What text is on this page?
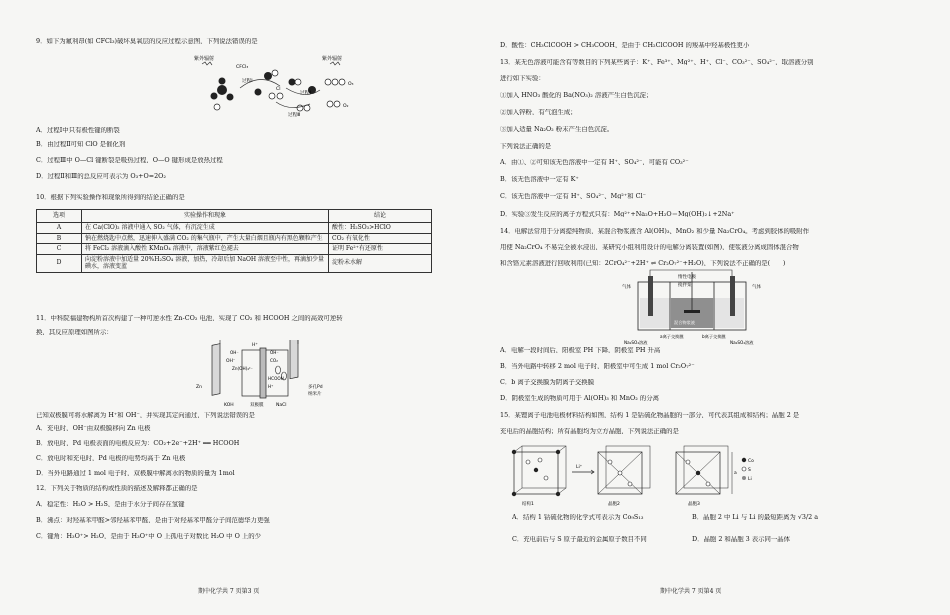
9．如下为氟利昂(如 CFCl₃)破坏臭氧层的反应过程示意图，下列说法错误的是
A．过程Ⅰ中只有极性键的断裂
B．由过程Ⅱ可知 ClO 是催化剂
C．过程Ⅲ中 O—Cl 键断裂是吸热过程，O—O 键形成是放热过程
D．过程Ⅱ和Ⅲ的总反应可表示为 O₃+O=2O₂
10．根据下列实验操作和现象所得到的结论正确的是
11．中科院福建物构所首次构建了一种可逆水性 Zn-CO₂ 电池，实现了 CO₂ 和 HCOOH 之间的高效可逆转
换，其反应原理如图所示：
已知双极膜可将水解离为 H⁺和 OH⁻，并实现其定向通过，下列说法错误的是
A．充电时，OH⁻由双极膜移向 Zn 电极
B．放电时，Pd 电极表面的电极反应为：CO₂+2e⁻+2H⁺ ══ HCOOH
C．放电时和充电时，Pd 电极的电势均高于 Zn 电极
D．当外电路通过 1 mol 电子时，双极膜中解离水的物质的量为 1mol
12．下列关于物质的结构或性质的描述及解释都正确的是
A．稳定性：H₂O > H₂S，是由于水分子间存在氢键
B．沸点：对羟基苯甲醛>邻羟基苯甲醛，是由于对羟基苯甲醛分子间范德华力更强
C．键角：H₃O⁺> H₂O，是由于 H₃O⁺中 O 上孤电子对数比 H₂O 中 O 上的少
紫外辐射	紫外辐射
CFCl₃
过程Ⅰ
过程Ⅱ
过程Ⅲ
Cl
O₃
O₂
选项	实验操作和现象	结论
A	在 Ca(ClO)₂ 溶液中通入 SO₂ 气体，有沉淀生成	酸性：H₂SO₃>HClO
B	钠在燃烧匙中点燃，迅速伸入盛满 CO₂ 的集气瓶中，产生大量白烟且瓶内有黑色颗粒产生	CO₂ 有氧化性
C	将 FeCl₂ 溶液滴入酸性 KMnO₄ 溶液中，溶液紫红色褪去	证明 Fe²⁺有还原性
D	向淀粉溶液中加适量 20%H₂SO₄ 溶液，加热，冷却后加 NaOH 溶液至中性，再滴加少量碘水，溶液变蓝	淀粉未水解
H⁺
OH⁻
Zn
Zn(OH)₄²⁻
OH⁻
CO₂
HCOOH
H⁺
KOH	双极膜	NaCl
多孔Pd
纳米片
OH⁻
期中化学共 7 页第3 页
D．酸性：CH₃ClCOOH > CH₃COOH，是由于 CH₂ClCOOH 的羧基中羟基极性更小
13．某无色溶液可能含有等数目的下列某些离子：K⁺、Fe³⁺、Mg²⁺、H⁺、Cl⁻、CO₃²⁻、SO₄²⁻，取溶液分别
进行如下实验：
①加入 HNO₃ 酸化的 Ba(NO₃)₂ 溶液产生白色沉淀；
②加入锌粉，有气泡生成；
③加入适量 Na₂O₂ 粉末产生白色沉淀。
下列说法正确的是
A．由①、②可知该无色溶液中一定有 H⁺、SO₄²⁻，可能有 CO₃²⁻
B．该无色溶液中一定有 K⁺
C．该无色溶液中一定有 H⁺、SO₄²⁻、Mg²⁺和 Cl⁻
D．实验③发生反应的离子方程式只有：Mg²⁺+Na₂O+H₂O＝Mg(OH)₂↓+2Na⁺
14．电解法常用于分离提纯物质，某混合物浆液含 Al(OH)₃、MnO₂ 和少量 Na₂CrO₄。考虑到胶体的吸附作
用使 Na₂CrO₄ 不易完全被水浸出，某研究小组利用设计的电解分离装置(如图)，使浆液分离成固体混合物
和含铬元素溶液进行回收利用(已知：2CrO₄²⁻+2H⁺ ⇌ Cr₂O₇²⁻+H₂O)，下列说法不正确的是(　　)
A．电解一段时间后，阳极室 PH 下降，阴极室 PH 升高
B．当外电路中转移 2 mol 电子时，阳极室中可生成 1 mol Cr₂O₇²⁻
C．b 离子交换膜为阴离子交换膜
D．阴极室生成的物质可用于 Al(OH)₃ 和 MnO₂ 的分离
15．某锂离子电池电极材料结构如图，结构 1 是钴硫化物晶胞的一部分，可代表其组成和结构；晶胞 2 是
充电后的晶胞结构；所有晶胞均为立方晶胞，下列说法正确的是
A．结构 1 钴硫化物的化学式可表示为 Co₉S₁₃	B．晶胞 2 中 Li 与 Li 的最短距离为 √3/2 a
C．充电前后与 S 原子最近的金属原子数目不同	D．晶胞 2 和晶胞 3 表示同一晶体
惰性电极
搅拌桨
气体	气体
混合物浆液
a离子交换膜	b离子交换膜
Na₂SO₄溶液	Na₂SO₄溶液
结构1	晶胞2	晶胞3
Li⁺
a
Co
S
Li
期中化学共 7 页第4 页
